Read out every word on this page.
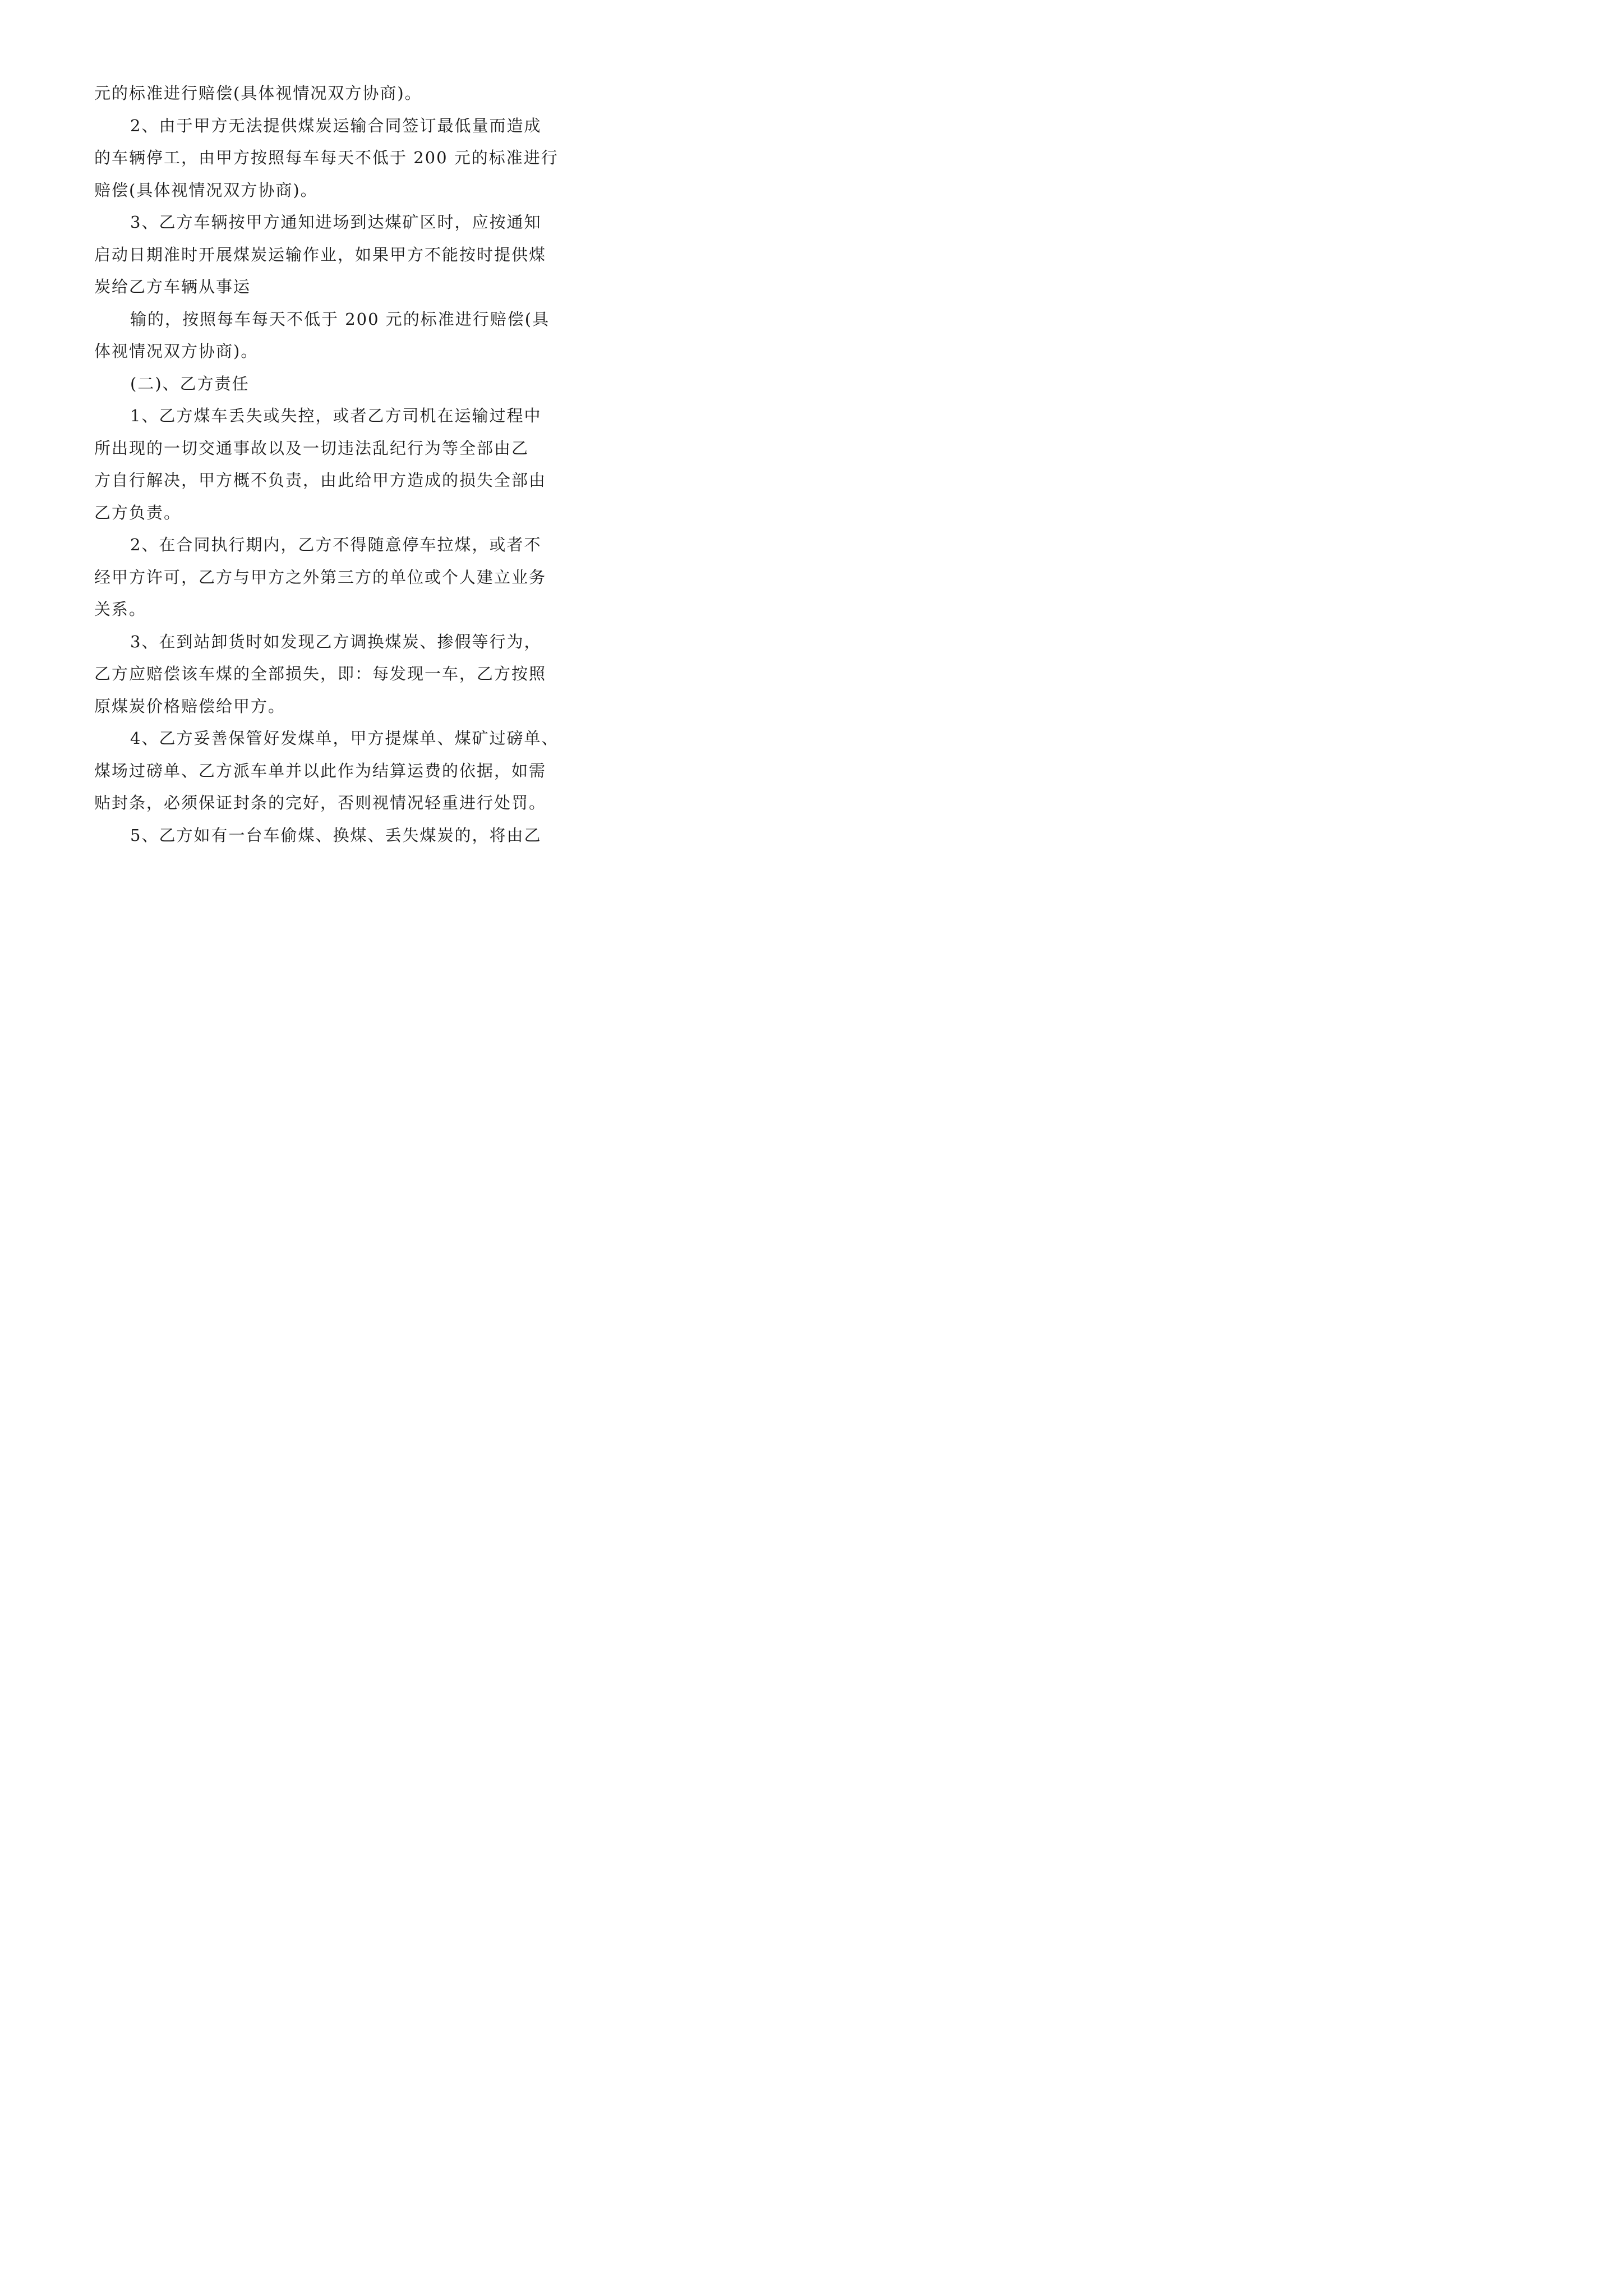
元的标准进行赔偿(具体视情况双方协商)。
2、由于甲方无法提供煤炭运输合同签订最低量而造成
的车辆停工，由甲方按照每车每天不低于 200 元的标准进行
赔偿(具体视情况双方协商)。
3、乙方车辆按甲方通知进场到达煤矿区时，应按通知
启动日期准时开展煤炭运输作业，如果甲方不能按时提供煤
炭给乙方车辆从事运
输的，按照每车每天不低于 200 元的标准进行赔偿(具
体视情况双方协商)。
(二)、乙方责任
1、乙方煤车丢失或失控，或者乙方司机在运输过程中
所出现的一切交通事故以及一切违法乱纪行为等全部由乙
方自行解决，甲方概不负责，由此给甲方造成的损失全部由
乙方负责。
2、在合同执行期内，乙方不得随意停车拉煤，或者不
经甲方许可，乙方与甲方之外第三方的单位或个人建立业务
关系。
3、在到站卸货时如发现乙方调换煤炭、掺假等行为，
乙方应赔偿该车煤的全部损失，即：每发现一车，乙方按照
原煤炭价格赔偿给甲方。
4、乙方妥善保管好发煤单，甲方提煤单、煤矿过磅单、
煤场过磅单、乙方派车单并以此作为结算运费的依据，如需
贴封条，必须保证封条的完好，否则视情况轻重进行处罚。
5、乙方如有一台车偷煤、换煤、丢失煤炭的，将由乙
